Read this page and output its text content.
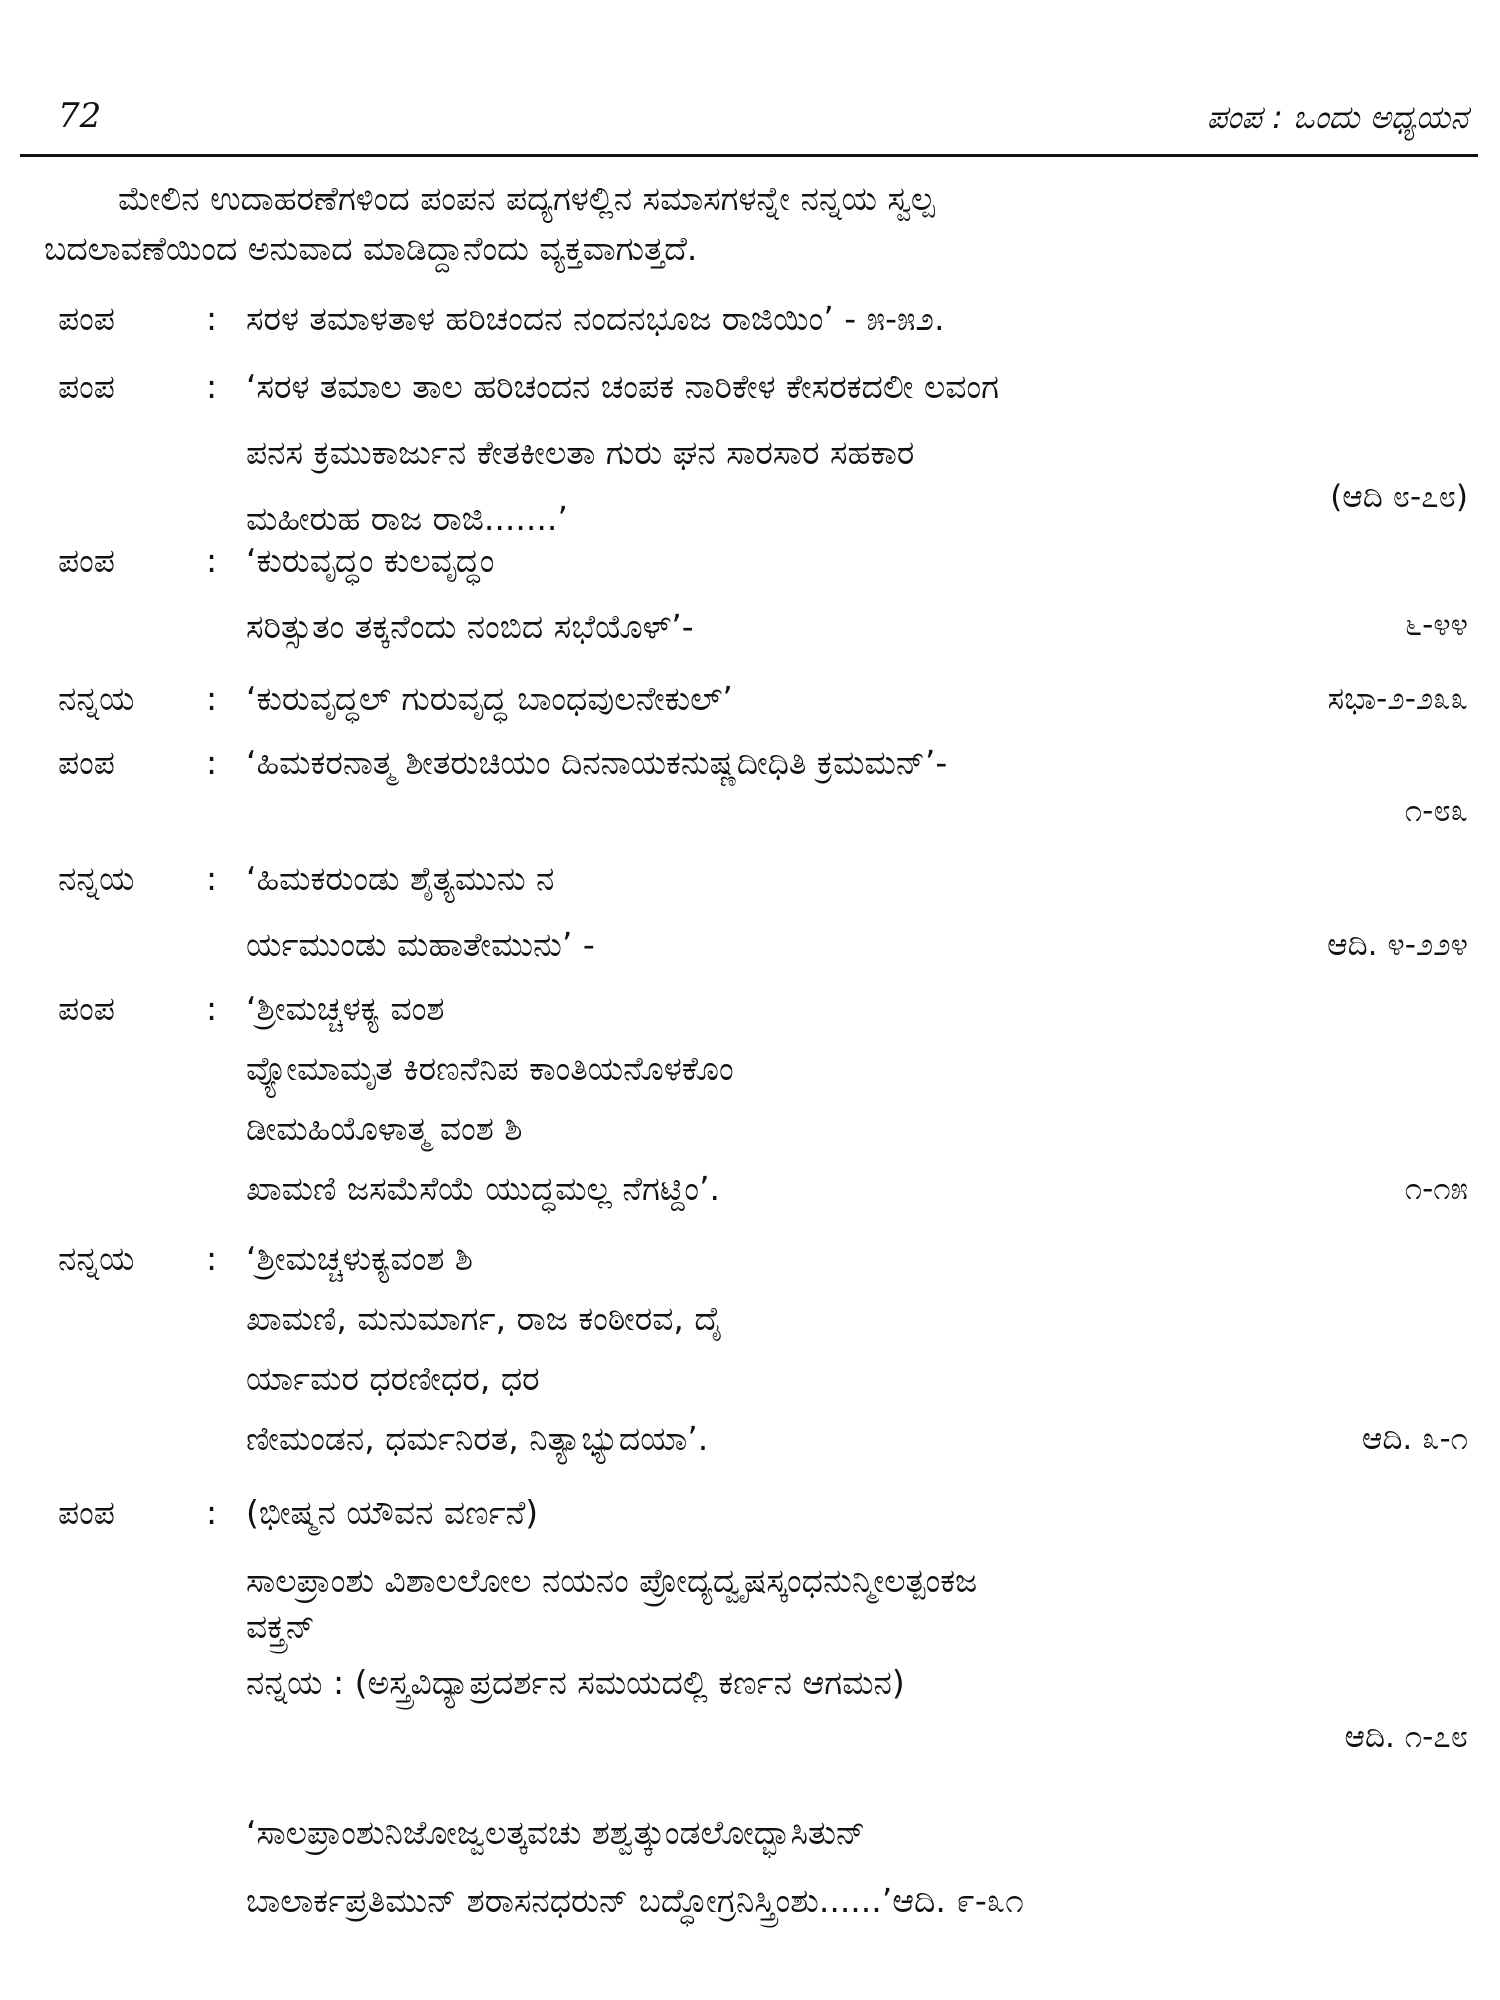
72	ಪಂಪ : ಒಂದು ಅಧ್ಯಯನ
ಮೇಲಿನ ಉದಾಹರಣೆಗಳಿಂದ ಪಂಪನ ಪದ್ಯಗಳಲ್ಲಿನ ಸಮಾಸಗಳನ್ನೇ ನನ್ನಯ ಸ್ವಲ್ಪ
ಬದಲಾವಣೆಯಿಂದ ಅನುವಾದ ಮಾಡಿದ್ದಾನೆಂದು ವ್ಯಕ್ತವಾಗುತ್ತದೆ.
ಪಂಪ	: ಸರಳ ತಮಾಳತಾಳ ಹರಿಚಂದನ ನಂದನಭೂಜ ರಾಜಿಯಿಂ’ - ೫-೫೨.
ಪಂಪ	: ‘ಸರಳ ತಮಾಲ ತಾಲ ಹರಿಚಂದನ ಚಂಪಕ ನಾರಿಕೇಳ ಕೇಸರಕದಲೀ ಲವಂಗ
ಪನಸ ಕ್ರಮುಕಾರ್ಜುನ ಕೇತಕೀಲತಾ ಗುರು ಘನ ಸಾರಸಾರ ಸಹಕಾರ
ಮಹೀರುಹ ರಾಜ ರಾಜಿ.......’
(ಆದಿ ೮-೭೮)
ಪಂಪ	: ‘ಕುರುವೃದ್ಧಂ ಕುಲವೃದ್ಧಂ
ಸರಿತ್ಸುತಂ ತಕ್ಕನೆಂದು ನಂಬಿದ ಸಭೆಯೊಳ್’-	೬-೪೪
ನನ್ನಯ : ‘ಕುರುವೃದ್ಧಲ್ ಗುರುವೃದ್ಧ ಬಾಂಧವುಲನೇಕುಲ್’	ಸಭಾ-೨-೨೩೩
ಪಂಪ	: ‘ಹಿಮಕರನಾತ್ಮ ಶೀತರುಚಿಯಂ ದಿನನಾಯಕನುಷ್ಣದೀಧಿತಿ ಕ್ರಮಮನ್’-
೧-೮೩
ನನ್ನಯ : ‘ಹಿಮಕರುಂಡು ಶೈತ್ಯಮುನು ನ
ರ್ಯಮುಂಡು ಮಹಾತೇಮುನು’ -	ಆದಿ. ೪-೨೨೪
ಪಂಪ	: ‘ಶ್ರೀಮಚ್ಚಳಕ್ಯ ವಂಶ
ವ್ಯೋಮಾಮೃತ ಕಿರಣನೆನಿಪ ಕಾಂತಿಯನೊಳಕೊಂ
ಡೀಮಹಿಯೊಳಾತ್ಮ ವಂಶ ಶಿ
ಖಾಮಣಿ ಜಸಮೆಸೆಯೆ ಯುದ್ಧಮಲ್ಲ ನೆಗಟ್ದಿಂ’.	೧-೧೫
ನನ್ನಯ : ‘ಶ್ರೀಮಚ್ಚಳುಕ್ಯವಂಶ ಶಿ
ಖಾಮಣಿ, ಮನುಮಾರ್ಗ, ರಾಜ ಕಂಠೀರವ, ದೈ
ರ್ಯಾಮರ ಧರಣೀಧರ, ಧರ
ಣೀಮಂಡನ, ಧರ್ಮನಿರತ, ನಿತ್ಯಾಭ್ಯುದಯಾ’.	ಆದಿ. ೩-೧
ಪಂಪ	: (ಭೀಷ್ಮನ ಯೌವನ ವರ್ಣನೆ)
ಸಾಲಪ್ರಾಂಶು ವಿಶಾಲಲೋಲ ನಯನಂ ಪ್ರೋದ್ಯದ್ವೃಷಸ್ಕಂಧನುನ್ಮೀಲತ್ಪಂಕಜ
ವಕ್ತ್ರನ್
ನನ್ನಯ : (ಅಸ್ತ್ರವಿದ್ಯಾಪ್ರದರ್ಶನ ಸಮಯದಲ್ಲಿ ಕರ್ಣನ ಆಗಮನ)
ಆದಿ. ೧-೭೮
‘ಸಾಲಪ್ರಾಂಶುನಿಜೋಜ್ವಲತ್ಕವಚು ಶಶ್ವತ್ಕುಂಡಲೋದ್ಭಾಸಿತುನ್
ಬಾಲಾರ್ಕಪ್ರತಿಮುನ್ ಶರಾಸನಧರುನ್ ಬದ್ಧೋಗ್ರನಿಸ್ತ್ರಿಂಶು......’ಆದಿ. ೯-೩೧
